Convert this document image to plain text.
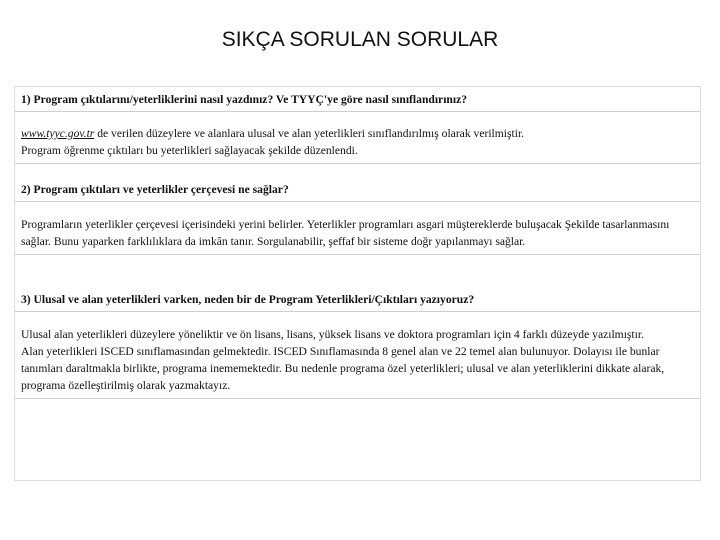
SIKÇA SORULAN SORULAR
1) Program çıktılarını/yeterliklerini nasıl yazdınız? Ve TYYÇ'ye göre nasıl sınıflandırınız?

www.tyyc.gov.tr de verilen düzeylere ve alanlara ulusal ve alan yeterlikleri sınıflandırılmış olarak verilmiştir.

Program öğrenme çıktıları bu yeterlikleri sağlayacak şekilde düzenlendi.

2) Program çıktıları ve yeterlikler çerçevesi ne sağlar?
Programların yeterlikler çerçevesi içerisindeki yerini belirler. Yeterlikler programları asgari müştereklerde buluşacak Şekilde tasarlanmasını sağlar. Bunu yaparken farklılıklara da imkân tanır. Sorgulanabilir, şeffaf bir sisteme doğr yapılanmayı sağlar.
3) Ulusal ve alan yeterlikleri varken, neden bir de Program Yeterlikleri/Çıktıları yazıyoruz?

Ulusal alan yeterlikleri düzeylere yöneliktir ve ön lisans, lisans, yüksek lisans ve doktora programları için 4 farklı düzeyde yazılmıştır.

Alan yeterlikleri ISCED sınıflamasından gelmektedir. ISCED Sınıflamasında 8 genel alan ve 22 temel alan bulunuyor. Dolayısı ile bunlar tanımları daraltmakla birlikte, programa inememektedir. Bu nedenle programa özel yeterlikleri; ulusal ve alan yeterliklerini dikkate alarak, programa özelleştirilmiş olarak yazmaktayız.
